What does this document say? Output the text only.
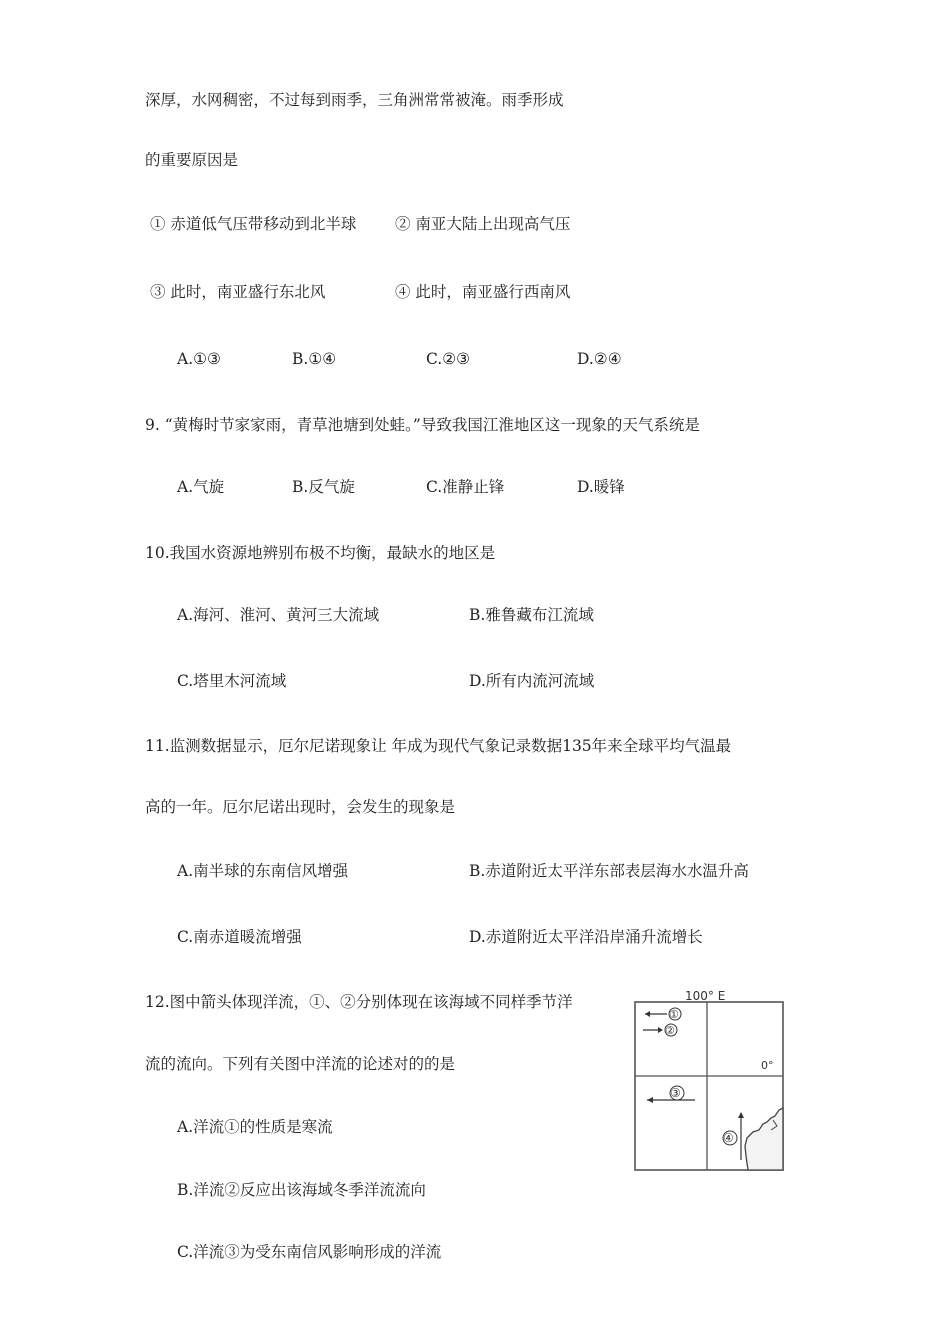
深厚，水网稠密，不过每到雨季，三角洲常常被淹。雨季形成
的重要原因是
① 赤道低气压带移动到北半球 ② 南亚大陆上出现高气压
③ 此时，南亚盛行东北风	④ 此时，南亚盛行西南风
A.①③	B.①④	C.②③	D.②④
9. “黄梅时节家家雨，青草池塘到处蛙。”导致我国江淮地区这一现象的天气系统是
A.气旋	B.反气旋	C.准静止锋	D.暖锋
10.我国水资源地辨别布极不均衡，最缺水的地区是
A.海河、淮河、黄河三大流域	B.雅鲁藏布江流域
C.塔里木河流域	D.所有内流河流域
11.监测数据显示，厄尔尼诺现象让 年成为现代气象记录数据135年来全球平均气温最
高的一年。厄尔尼诺出现时，会发生的现象是
A.南半球的东南信风增强	B.赤道附近太平洋东部表层海水水温升高
C.南赤道暖流增强	D.赤道附近太平洋沿岸涌升流增长
12.图中箭头体现洋流，①、②分别体现在该海域不同样季节洋
流的流向。下列有关图中洋流的论述对的的是
A.洋流①的性质是寒流
B.洋流②反应出该海域冬季洋流流向
C.洋流③为受东南信风影响形成的洋流
100° E
0°
①
②
③
④
